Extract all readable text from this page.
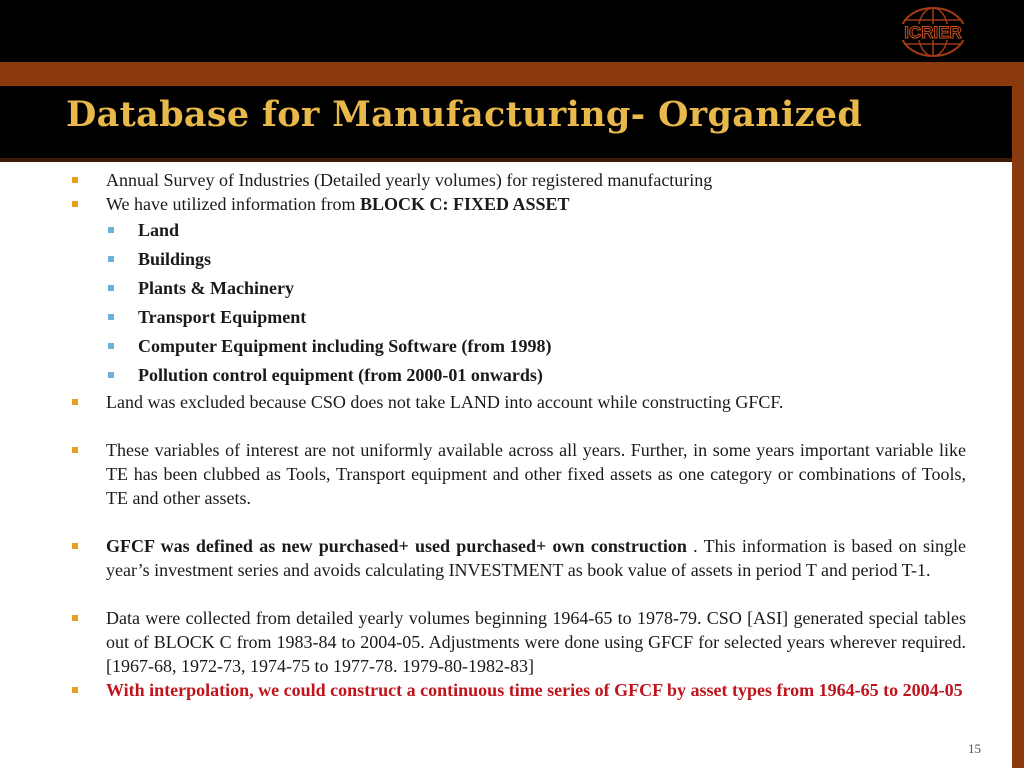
ICRIER
Database for Manufacturing- Organized
Annual Survey of Industries (Detailed yearly volumes) for registered manufacturing
We have utilized information from BLOCK C: FIXED ASSET
Land
Buildings
Plants & Machinery
Transport Equipment
Computer Equipment including Software (from 1998)
Pollution control equipment (from 2000-01 onwards)
Land was excluded because CSO does not take LAND into account while constructing GFCF.
These variables of interest are not uniformly available across all years. Further, in some years important variable like TE has been clubbed as Tools, Transport equipment and other fixed assets as one category or combinations of Tools, TE and other assets.
GFCF was defined as new purchased+ used purchased+ own construction . This information is based on single year’s investment series and avoids calculating INVESTMENT as book value of assets in period T and period T-1.
Data were collected from detailed yearly volumes beginning 1964-65 to 1978-79. CSO [ASI] generated special tables out of BLOCK C from 1983-84 to 2004-05. Adjustments were done using GFCF for selected years wherever required.[1967-68, 1972-73, 1974-75 to 1977-78. 1979-80-1982-83]
With interpolation, we could construct a continuous time series of GFCF by asset types from 1964-65 to 2004-05
15
